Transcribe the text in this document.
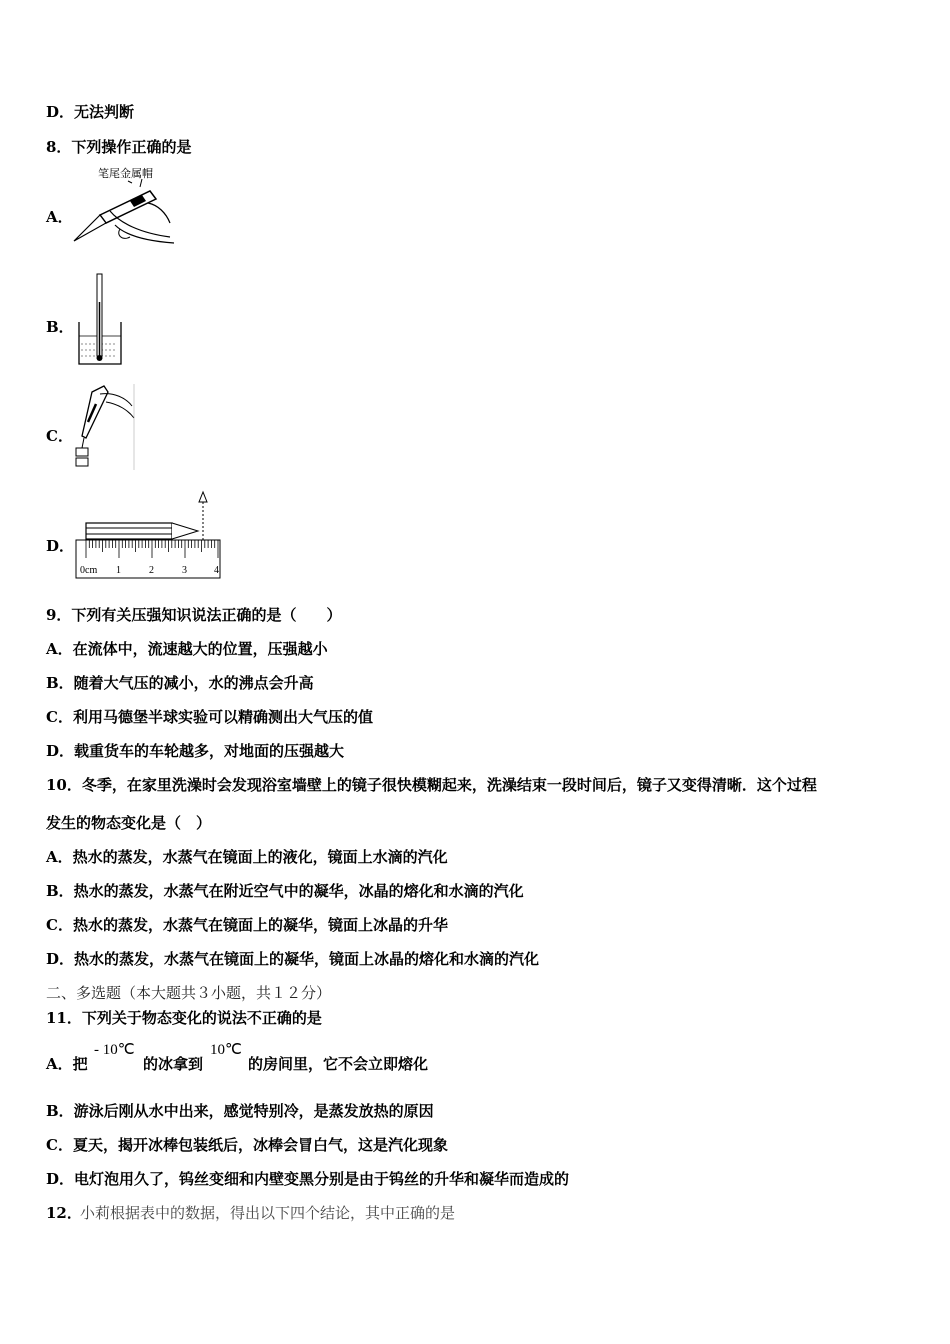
D．无法判断
8．下列操作正确的是
A．
笔尾金属帽
B．
C．
D．
0cm 1	2	3	4
9．下列有关压强知识说法正确的是（　　）
A．在流体中，流速越大的位置，压强越小
B．随着大气压的减小，水的沸点会升高
C．利用马德堡半球实验可以精确测出大气压的值
D．载重货车的车轮越多，对地面的压强越大
10．冬季，在家里洗澡时会发现浴室墙壁上的镜子很快模糊起来，洗澡结束一段时间后，镜子又变得清晰．这个过程
发生的物态变化是（　）
A．热水的蒸发，水蒸气在镜面上的液化，镜面上水滴的汽化
B．热水的蒸发，水蒸气在附近空气中的凝华，冰晶的熔化和水滴的汽化
C．热水的蒸发，水蒸气在镜面上的凝华，镜面上冰晶的升华
D．热水的蒸发，水蒸气在镜面上的凝华，镜面上冰晶的熔化和水滴的汽化
二、多选题（本大题共３小题，共１２分）
11．下列关于物态变化的说法不正确的是
A．把
- 10℃
的冰拿到
10℃
的房间里，它不会立即熔化
B．游泳后刚从水中出来，感觉特别冷，是蒸发放热的原因
C．夏天，揭开冰棒包装纸后，冰棒会冒白气，这是汽化现象
D．电灯泡用久了，钨丝变细和内壁变黑分别是由于钨丝的升华和凝华而造成的
12．
小莉根据表中的数据，得出以下四个结论，其中正确的是
